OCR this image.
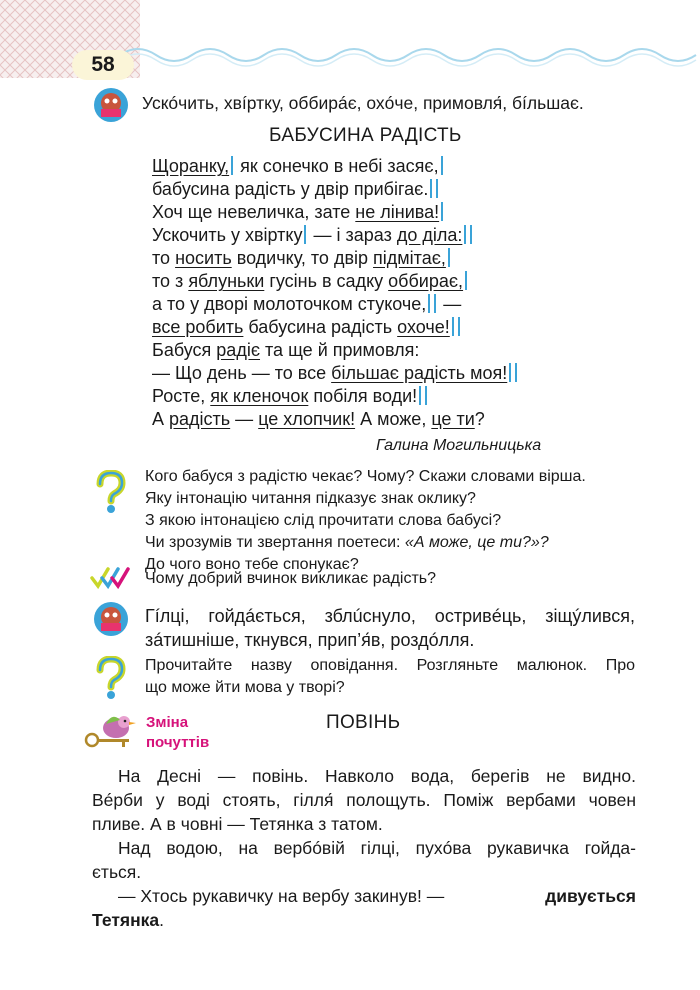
58
Ускóчить, хвíртку, оббирáє, охóче, примовля́, бíльшає.
БАБУСИНА РАДІСТЬ
Щоранку, як сонечко в небі засяє,
бабусина радість у двір прибігає.
Хоч ще невеличка, зате не лінива!
Ускочить у хвіртку — і зараз до діла:
то носить водичку, то двір підмітає,
то з яблуньки гусінь в садку оббирає,
а то у дворі молоточком стукоче, —
все робить бабусина радість охоче!
Бабуся радіє та ще й примовля:
— Що день — то все більшає радість моя!
Росте, як кленочок побіля води!
А радість — це хлопчик! А може, це ти?
Галина Могильницька
Кого бабуся з радістю чекає? Чому? Скажи словами вірша.
Яку інтонацію читання підказує знак оклику?
З якою інтонацією слід прочитати слова бабусі?
Чи зрозумів ти звертання поетеси: «А може, це ти?»?
До чого воно тебе спонукає?
Чому добрий вчинок викликає радість?
Гíлці, гойдáється, зблúснуло, остривéць, зіщýлився,
зáтишніше, ткнувся, прип’я́в, роздóлля.
Прочитайте назву оповідання. Розгляньте малюнок. Про
що може йти мова у творі?
Зміна
почуттів
ПОВІНЬ
На Десні — повінь. Навколо вода, берегів не видно.
Вéрби у воді стоять, гілля́ полощуть. Поміж вербами човен
пливе. А в човні — Тетянка з татом.
Над водою, на вербóвій гілці, пухóва рукавичка гойда-
ється.
— Хтось рукавичку на вербу закинув! —	дивується
Тетянка.
